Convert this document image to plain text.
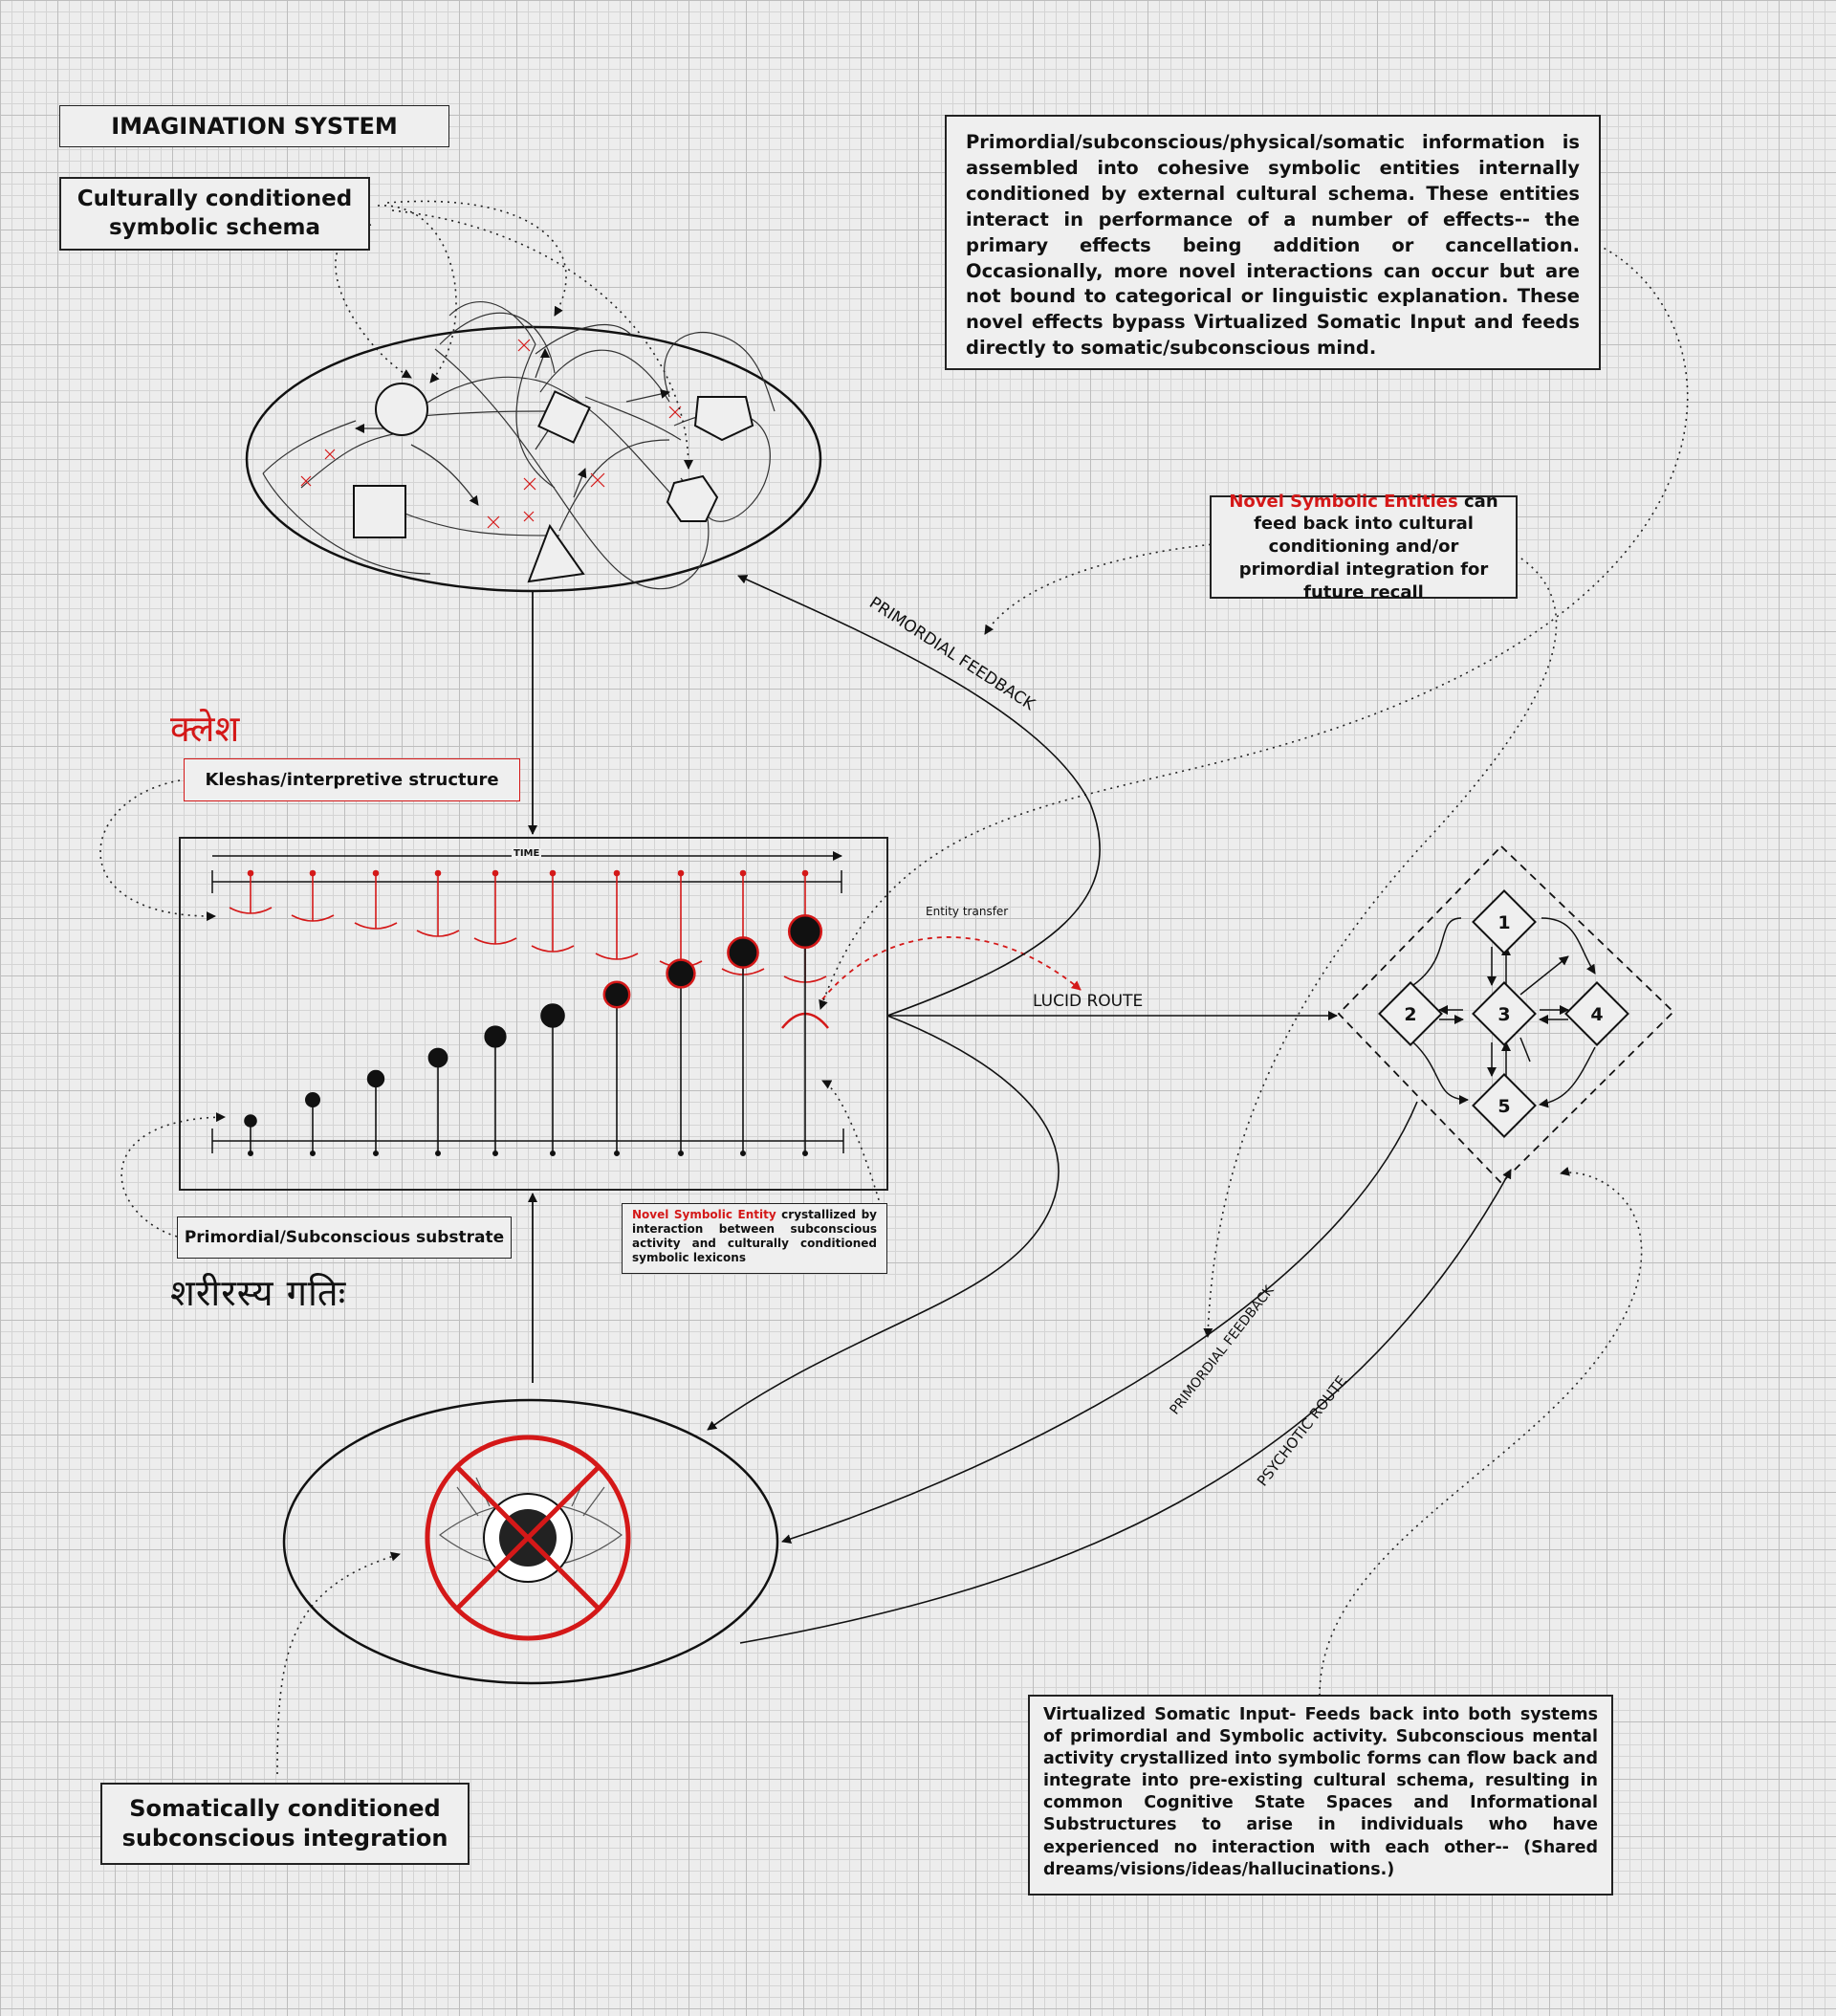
1
2	3	4
5
PRIMORDIAL FEEDBACK
LUCID ROUTE
PRIMORDIAL FEEDBACK
PSYCHOTIC ROUTE
Entity transfer
IMAGINATION SYSTEM
Culturally conditioned symbolic schema
Primordial/subconscious/physical/somatic information is assembled into cohesive symbolic entities internally conditioned by external cultural schema. These entities interact in performance of a number of effects-- the primary effects being addition or cancellation. Occasionally, more novel interactions can occur but are not bound to categorical or linguistic explanation. These novel effects bypass Virtualized Somatic Input and feeds directly to somatic/subconscious mind.
Novel Symbolic Entities can feed back into cultural conditioning and/or primordial integration for future recall
क्लेश
Kleshas/interpretive structure
TIME
Primordial/Subconscious substrate
शरीरस्य गतिः
Novel Symbolic Entity crystallized by interaction between subconscious activity and culturally conditioned symbolic lexicons
Somatically conditioned subconscious integration
Virtualized Somatic Input- Feeds back into both systems of primordial and Symbolic activity. Subconscious mental activity crystallized into symbolic forms can flow back and integrate into pre-existing cultural schema, resulting in common Cognitive State Spaces and Informational Substructures to arise in individuals who have experienced no interaction with each other-- (Shared dreams/visions/ideas/hallucinations.)
